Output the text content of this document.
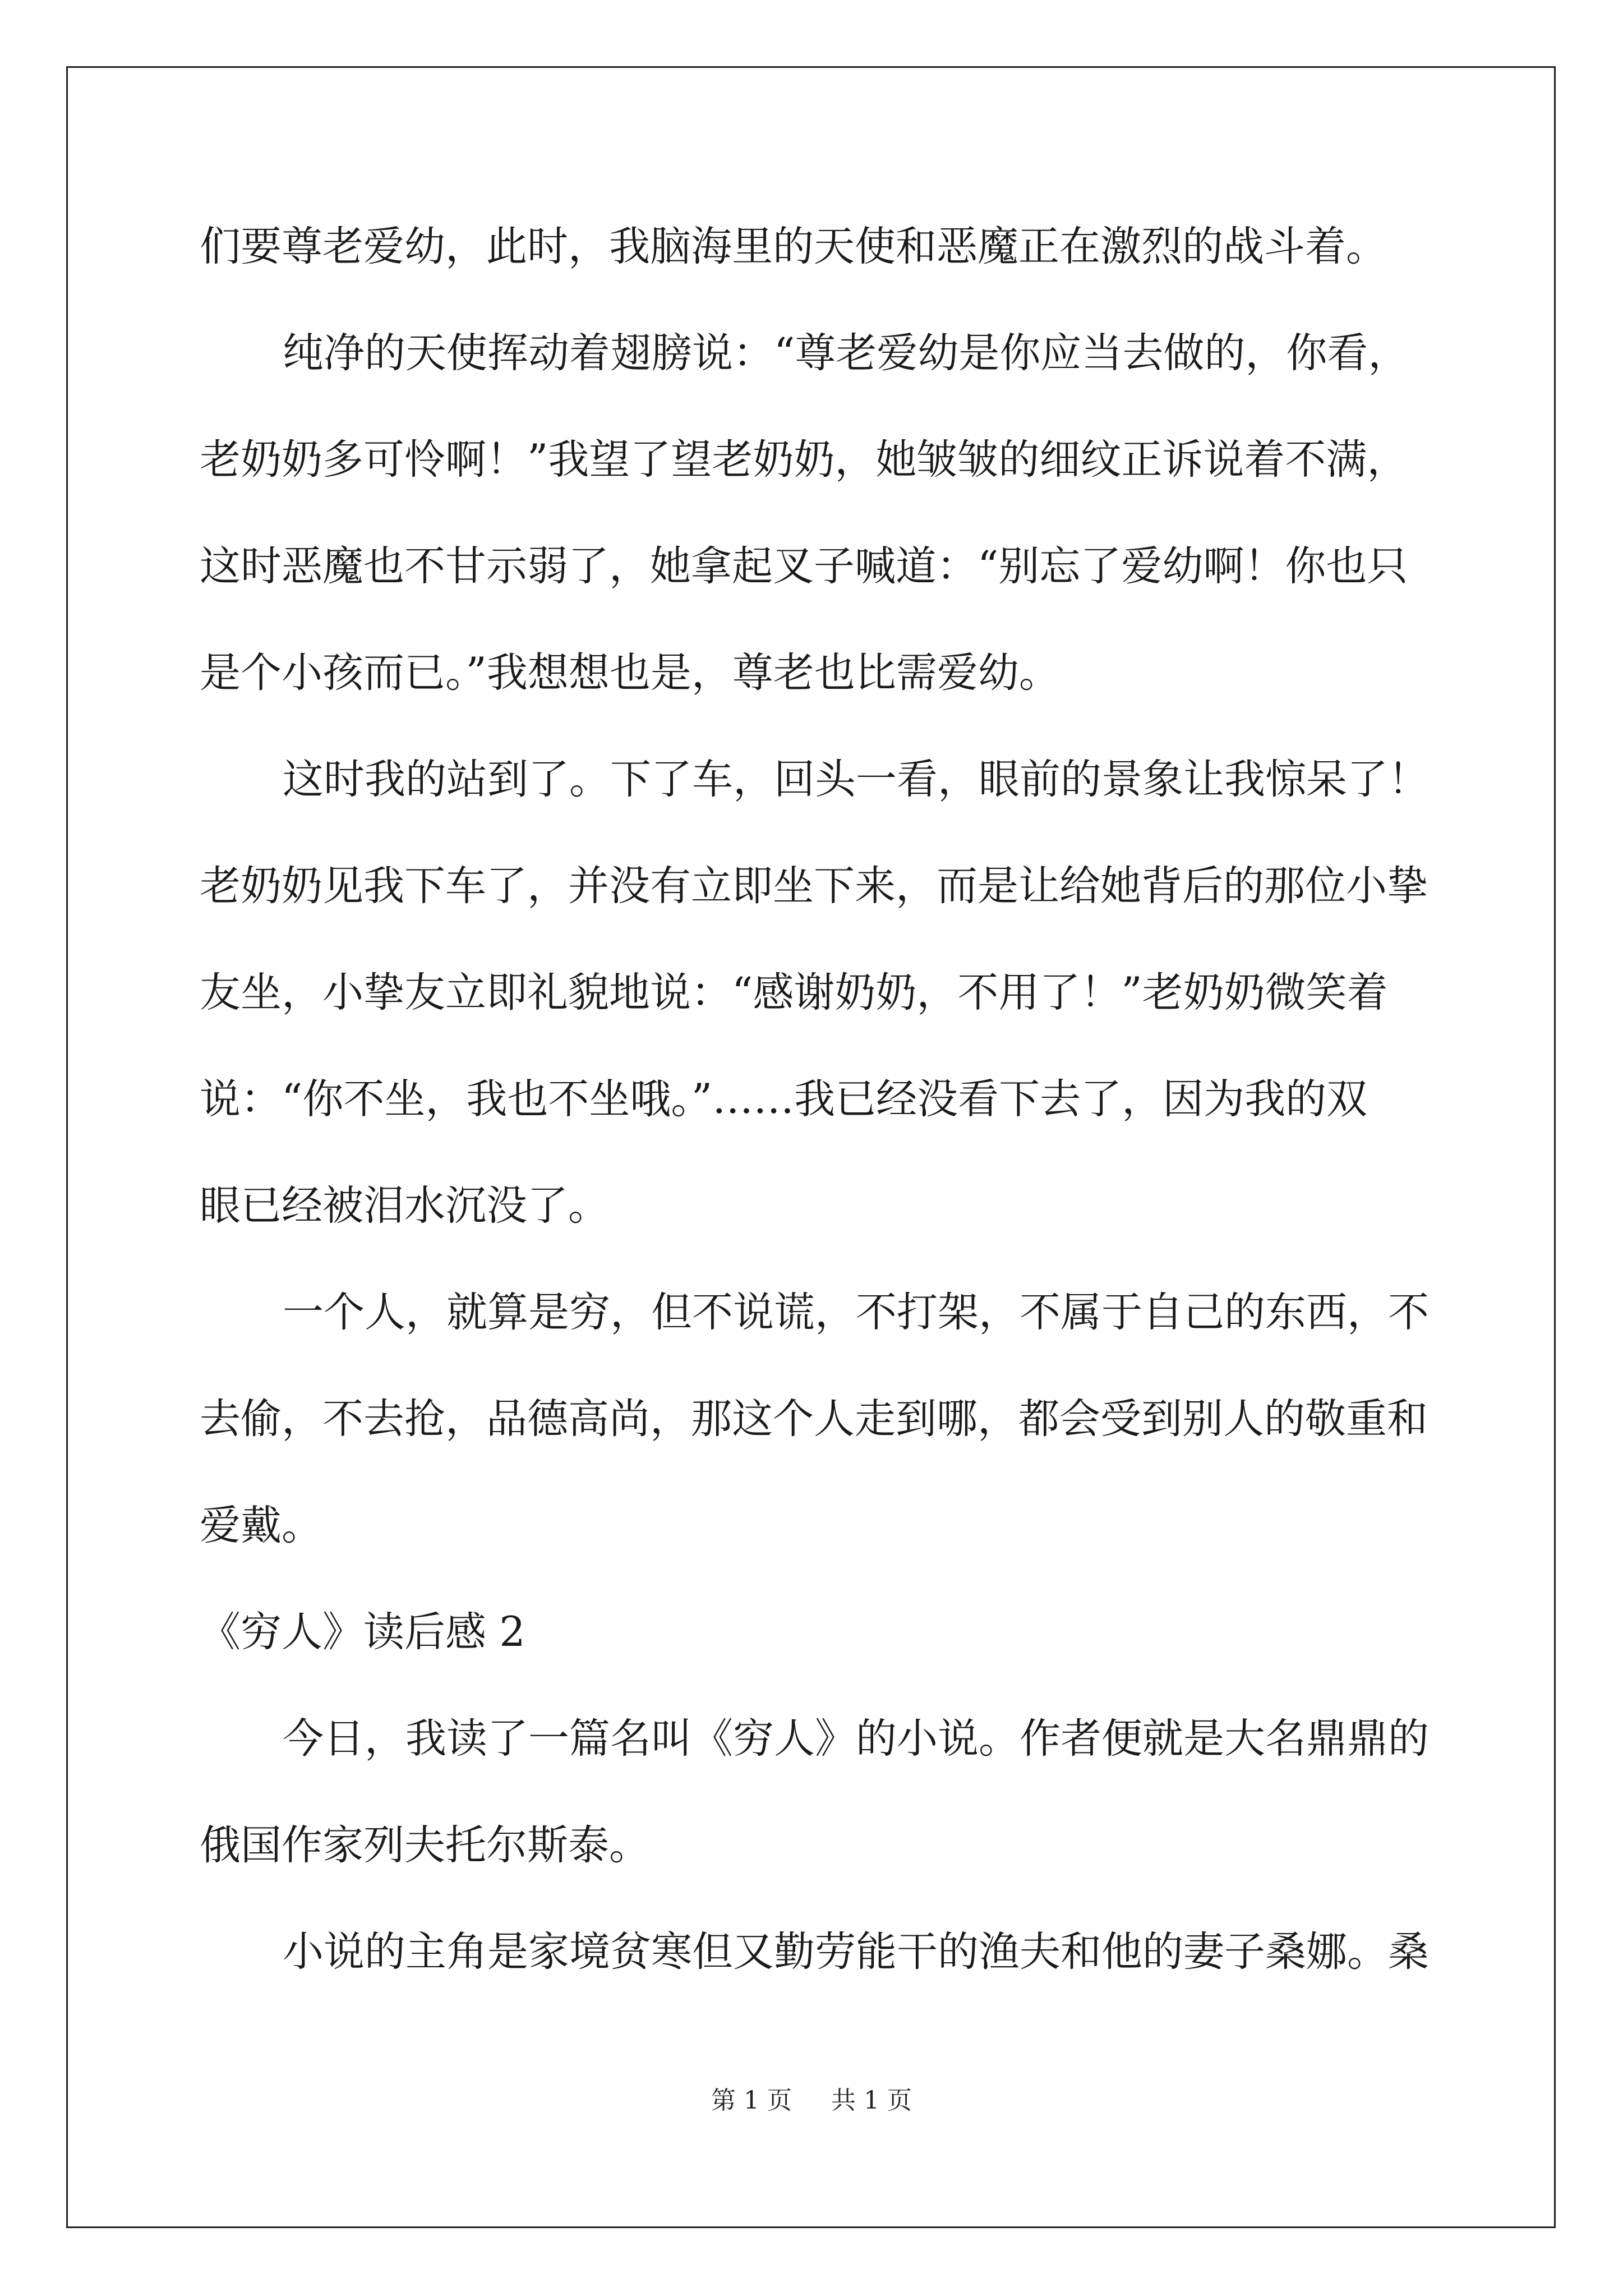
们要尊老爱幼，此时，我脑海里的天使和恶魔正在激烈的战斗着。

纯净的天使挥动着翅膀说：“尊老爱幼是你应当去做的，你看，
老奶奶多可怜啊！”我望了望老奶奶，她皱皱的细纹正诉说着不满，
这时恶魔也不甘示弱了，她拿起叉子喊道：“别忘了爱幼啊！你也只
是个小孩而已。”我想想也是，尊老也比需爱幼。

这时我的站到了。下了车，回头一看，眼前的景象让我惊呆了！
老奶奶见我下车了，并没有立即坐下来，而是让给她背后的那位小挚
友坐，小挚友立即礼貌地说：“感谢奶奶，不用了！”老奶奶微笑着
说：“你不坐，我也不坐哦。”……我已经没看下去了，因为我的双
眼已经被泪水沉没了。

一个人，就算是穷，但不说谎，不打架，不属于自己的东西，不
去偷，不去抢，品德高尚，那这个人走到哪，都会受到别人的敬重和
爱戴。

《穷人》读后感 2

今日，我读了一篇名叫《穷人》的小说。作者便就是大名鼎鼎的
俄国作家列夫托尔斯泰。

小说的主角是家境贫寒但又勤劳能干的渔夫和他的妻子桑娜。桑

第 1 页 共 1 页
